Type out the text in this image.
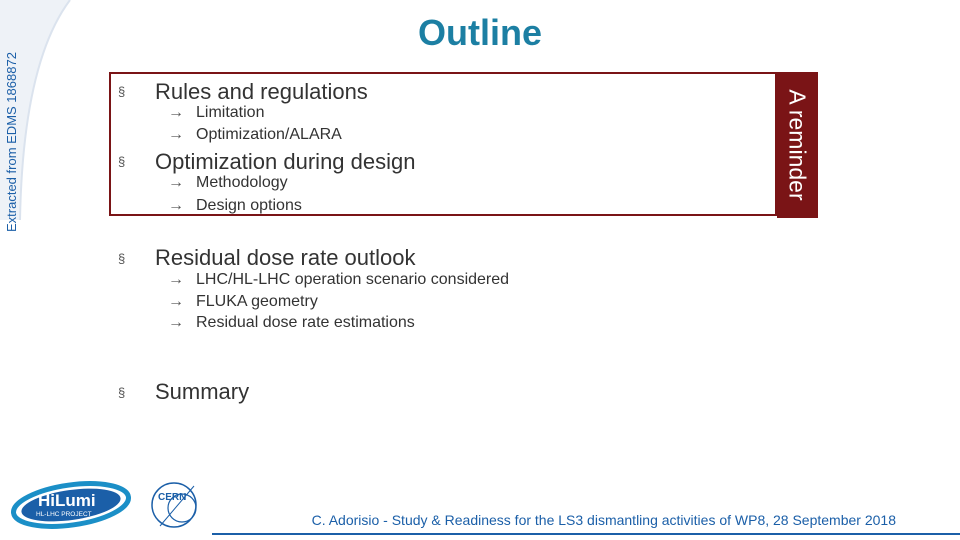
Extracted from EDMS 1868872
Outline
A reminder
§ Rules and regulations
→ Limitation
→ Optimization/ALARA
§ Optimization during design
→ Methodology
→ Design options
§ Residual dose rate outlook
→ LHC/HL-LHC operation scenario considered
→ FLUKA geometry
→ Residual dose rate estimations
§ Summary
HiLumi
HL-LHC PROJECT
CERN
C. Adorisio - Study & Readiness for the LS3 dismantling activities of WP8, 28 September 2018
